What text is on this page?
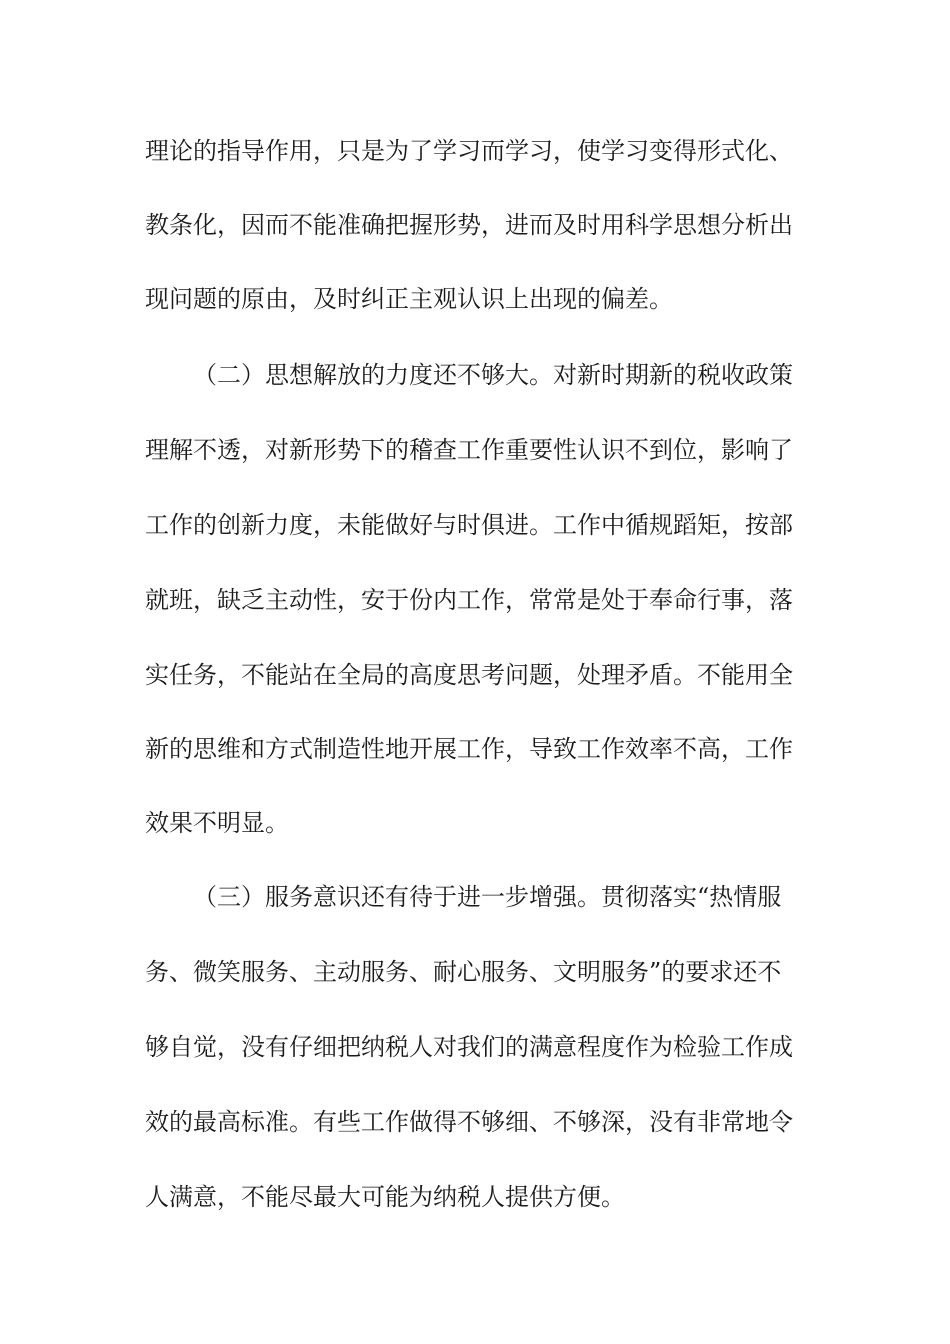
理论的指导作用，只是为了学习而学习，使学习变得形式化、
教条化，因而不能准确把握形势，进而及时用科学思想分析出
现问题的原由，及时纠正主观认识上出现的偏差。
（二）思想解放的力度还不够大。对新时期新的税收政策
理解不透，对新形势下的稽查工作重要性认识不到位，影响了
工作的创新力度，未能做好与时俱进。工作中循规蹈矩，按部
就班，缺乏主动性，安于份内工作，常常是处于奉命行事，落
实任务，不能站在全局的高度思考问题，处理矛盾。不能用全
新的思维和方式制造性地开展工作，导致工作效率不高，工作
效果不明显。
（三）服务意识还有待于进一步增强。贯彻落实“热情服
务、微笑服务、主动服务、耐心服务、文明服务”的要求还不
够自觉，没有仔细把纳税人对我们的满意程度作为检验工作成
效的最高标准。有些工作做得不够细、不够深，没有非常地令
人满意，不能尽最大可能为纳税人提供方便。
